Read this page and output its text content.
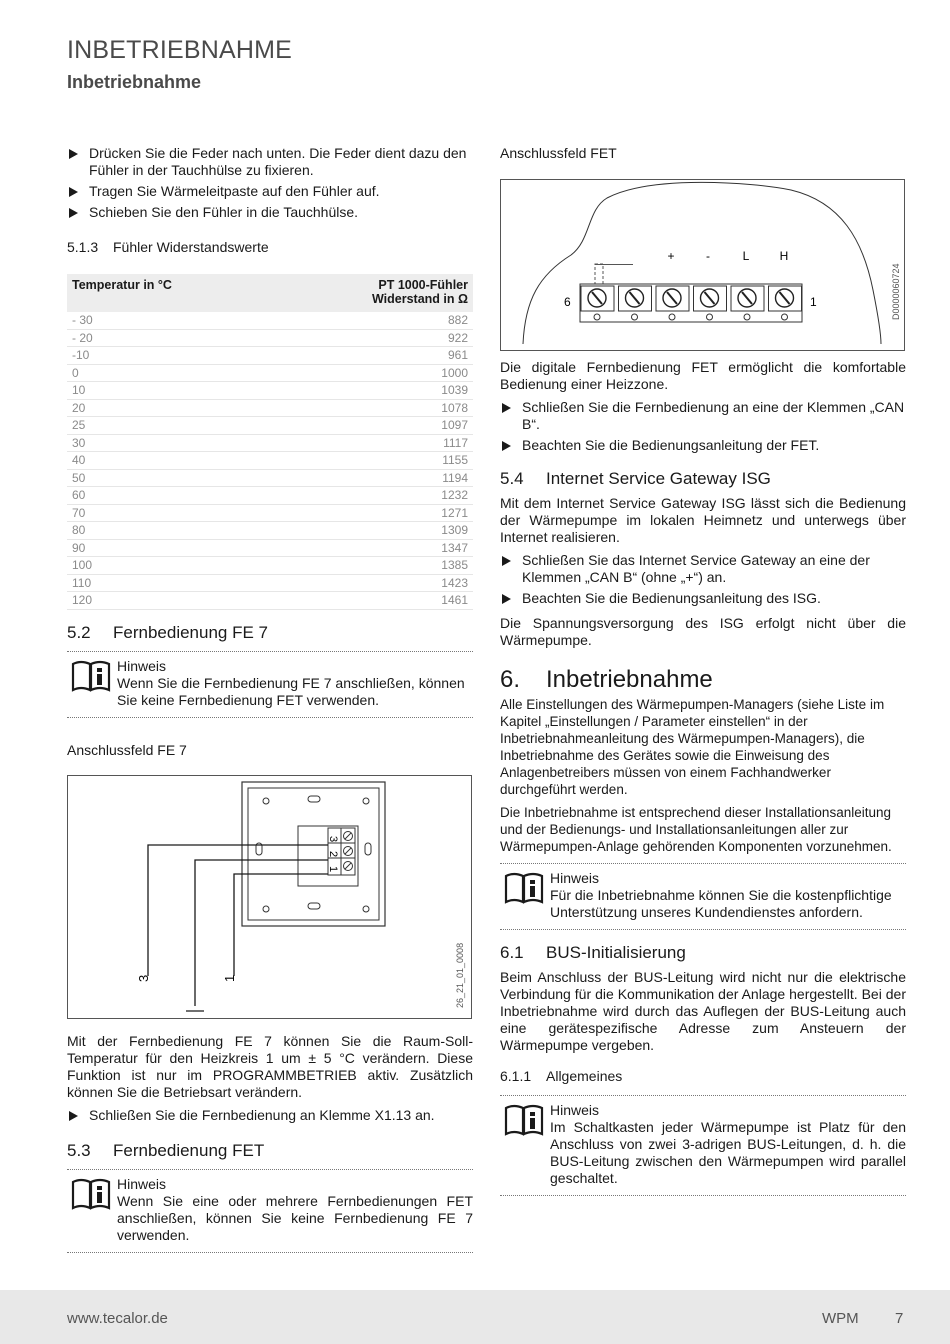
INBETRIEBNAHME
Inbetriebnahme
Drücken Sie die Feder nach unten. Die Feder dient dazu den Fühler in der Tauchhülse zu fixieren.
Tragen Sie Wärmeleitpaste auf den Fühler auf.
Schieben Sie den Fühler in die Tauchhülse.
5.1.3 Fühler Widerstandswerte
Temperatur in °C	PT 1000-Fühler
Widerstand in Ω
- 30	882
- 20	922
-10	961
0	1000
10	1039
20	1078
25	1097
30	1117
40	1155
50	1194
60	1232
70	1271
80	1309
90	1347
100	1385
110	1423
120	1461
5.2 Fernbedienung FE 7
Hinweis
Wenn Sie die Fernbedienung FE 7 anschließen, können Sie keine Fernbedienung FET verwenden.
Anschlussfeld FE 7
3
2
1
3	1	26_21_01_0008
Mit der Fernbedienung FE 7 können Sie die Raum-Soll-Temperatur für den Heizkreis 1 um ± 5 °C verändern. Diese Funktion ist nur im PROGRAMMBETRIEB aktiv. Zusätzlich können Sie die Betriebsart verändern.
Schließen Sie die Fernbedienung an Klemme X1.13 an.
5.3 Fernbedienung FET
Hinweis
Wenn Sie eine oder mehrere Fernbedienungen FET anschließen, können Sie keine Fernbedienung FE 7 verwenden.
Anschlussfeld FET
+	-	L	H
6	1	D0000060724
Die digitale Fernbedienung FET ermöglicht die komfortable Bedienung einer Heizzone.
Schließen Sie die Fernbedienung an eine der Klemmen „CAN B“.
Beachten Sie die Bedienungsanleitung der FET.
5.4 Internet Service Gateway ISG
Mit dem Internet Service Gateway ISG lässt sich die Bedienung der Wärmepumpe im lokalen Heimnetz und unterwegs über Internet realisieren.
Schließen Sie das Internet Service Gateway an eine der Klemmen „CAN B“ (ohne „+“) an.
Beachten Sie die Bedienungsanleitung des ISG.
Die Spannungsversorgung des ISG erfolgt nicht über die Wärmepumpe.
6. Inbetriebnahme
Alle Einstellungen des Wärmepumpen-Managers (siehe Liste im Kapitel „Einstellungen / Parameter einstellen“ in der Inbetriebnahmeanleitung des Wärmepumpen-Managers), die Inbetriebnahme des Gerätes sowie die Einweisung des Anlagenbetreibers müssen von einem Fachhandwerker durchgeführt werden.
Die Inbetriebnahme ist entsprechend dieser Installationsanleitung und der Bedienungs- und Installationsanleitungen aller zur Wärmepumpen-Anlage gehörenden Komponenten vorzunehmen.
Hinweis
Für die Inbetriebnahme können Sie die kostenpflichtige Unterstützung unseres Kundendienstes anfordern.
6.1 BUS-Initialisierung
Beim Anschluss der BUS-Leitung wird nicht nur die elektrische Verbindung für die Kommunikation der Anlage hergestellt. Bei der Inbetriebnahme wird durch das Auflegen der BUS-Leitung auch eine gerätespezifische Adresse zum Ansteuern der Wärmepumpe vergeben.
6.1.1 Allgemeines
Hinweis
Im Schaltkasten jeder Wärmepumpe ist Platz für den Anschluss von zwei 3-adrigen BUS-Leitungen, d. h. die BUS-Leitung zwischen den Wärmepumpen wird parallel geschaltet.
www.tecalor.de	WPM 7
